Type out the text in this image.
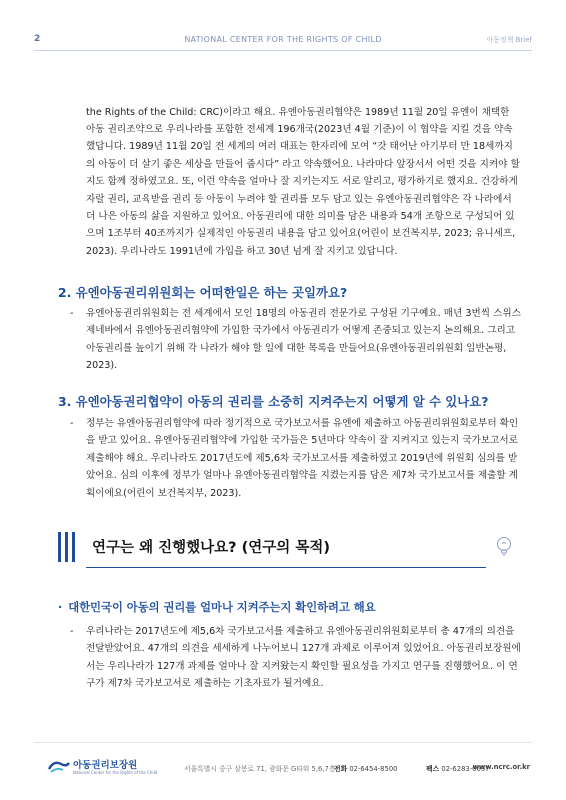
2	NATIONAL CENTER FOR THE RIGHTS OF CHILD	아동정책 Brief

the Rights of the Child: CRC)이라고 해요. 유엔아동권리협약은 1989년 11월 20일 유엔이 채택한 아동 권리조약으로 우리나라를 포함한 전세계 196개국(2023년 4월 기준)이 이 협약을 지킬 것을 약속했답니다. 1989년 11월 20일 전 세계의 여러 대표는 한자리에 모여 “갓 태어난 아기부터 만 18세까지의 아동이 더 살기 좋은 세상을 만들어 줍시다” 라고 약속했어요. 나라마다 앞장서서 어떤 것을 지켜야 할지도 함께 정하였고요. 또, 이런 약속을 얼마나 잘 지키는지도 서로 알리고, 평가하기로 했지요. 건강하게 자랄 권리, 교육받을 권리 등 아동이 누려야 할 권리를 모두 담고 있는 유엔아동권리협약은 각 나라에서 더 나은 아동의 삶을 지원하고 있어요. 아동권리에 대한 의미를 담은 내용과 54개 조항으로 구성되어 있으며 1조부터 40조까지가 실제적인 아동권리 내용을 담고 있어요(어린이 보건복지부, 2023; 유니세프, 2023). 우리나라도 1991년에 가입을 하고 30년 넘게 잘 지키고 있답니다.

2. 유엔아동권리위원회는 어떠한일은 하는 곳일까요?
- 유엔아동권리위원회는 전 세계에서 모인 18명의 아동권리 전문가로 구성된 기구예요. 매년 3번씩 스위스 제네바에서 유엔아동권리협약에 가입한 국가에서 아동권리가 어떻게 존중되고 있는지 논의해요. 그리고 아동권리를 높이기 위해 각 나라가 해야 할 일에 대한 목록을 만들어요(유엔아동권리위원회 일반논평, 2023).
3. 유엔아동권리협약이 아동의 권리를 소중히 지켜주는지 어떻게 알 수 있나요?
- 정부는 유엔아동권리협약에 따라 정기적으로 국가보고서를 유엔에 제출하고 아동권리위원회로부터 확인을 받고 있어요. 유엔아동권리협약에 가입한 국가들은 5년마다 약속이 잘 지켜지고 있는지 국가보고서로 제출해야 해요. 우리나라도 2017년도에 제5,6차 국가보고서를 제출하였고 2019년에 위원회 심의를 받았어요. 심의 이후에 정부가 얼마나 유엔아동권리협약을 지켰는지를 담은 제7차 국가보고서를 제출할 계획이에요(어린이 보건복지부, 2023).
연구는 왜 진행했나요? (연구의 목적)
· 대한민국이 아동의 권리를 얼마나 지켜주는지 확인하려고 해요
- 우리나라는 2017년도에 제5,6차 국가보고서를 제출하고 유엔아동권리위원회로부터 총 47개의 의견을 전달받았어요. 47개의 의견을 세세하게 나누어보니 127개 과제로 이루어져 있었어요. 아동권리보장원에서는 우리나라가 127개 과제를 얼마나 잘 지켜왔는지 확인할 필요성을 가지고 연구를 진행했어요. 이 연구가 제7차 국가보고서로 제출하는 기초자료가 될거예요.
아동권리보장원
National Center for the Rights of the Child	서울특별시 중구 삼봉로 71, 광화문 G타워 5,6,7층
전화 02-6454-8500	팩스 02-6283-0697
www.ncrc.or.kr
